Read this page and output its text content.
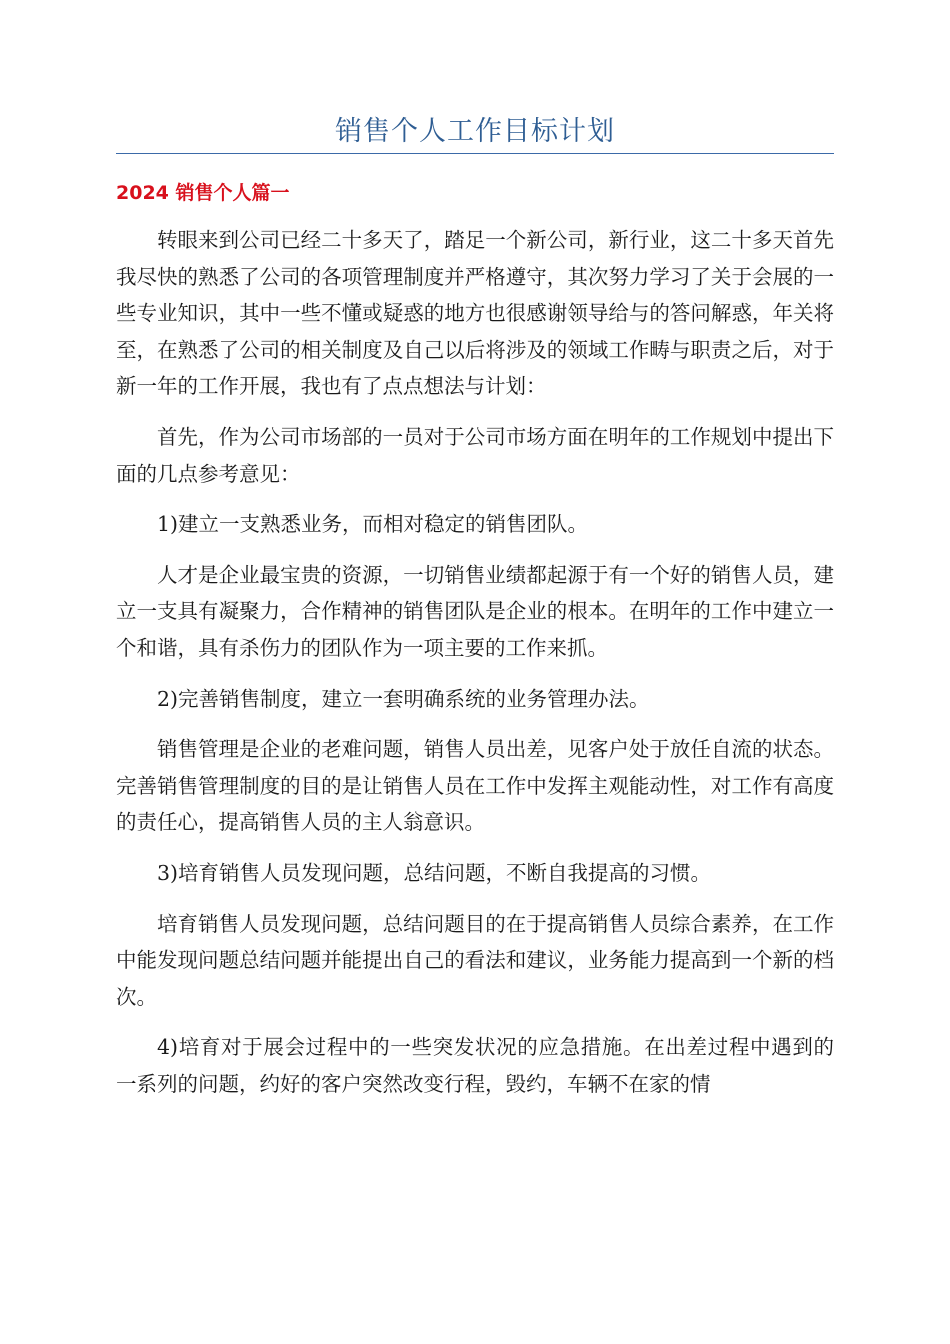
销售个人工作目标计划
2024 销售个人篇一

转眼来到公司已经二十多天了，踏足一个新公司，新行业，这二十多天首先我尽快的熟悉了公司的各项管理制度并严格遵守，其次努力学习了关于会展的一些专业知识，其中一些不懂或疑惑的地方也很感谢领导给与的答问解惑，年关将至，在熟悉了公司的相关制度及自己以后将涉及的领域工作畴与职责之后，对于新一年的工作开展，我也有了点点想法与计划：

首先，作为公司市场部的一员对于公司市场方面在明年的工作规划中提出下面的几点参考意见：

1)建立一支熟悉业务，而相对稳定的销售团队。

人才是企业最宝贵的资源，一切销售业绩都起源于有一个好的销售人员，建立一支具有凝聚力，合作精神的销售团队是企业的根本。在明年的工作中建立一个和谐，具有杀伤力的团队作为一项主要的工作来抓。

2)完善销售制度，建立一套明确系统的业务管理办法。

销售管理是企业的老难问题，销售人员出差，见客户处于放任自流的状态。完善销售管理制度的目的是让销售人员在工作中发挥主观能动性，对工作有高度的责任心，提高销售人员的主人翁意识。

3)培育销售人员发现问题，总结问题，不断自我提高的习惯。

培育销售人员发现问题，总结问题目的在于提高销售人员综合素养，在工作中能发现问题总结问题并能提出自己的看法和建议，业务能力提高到一个新的档次。

4)培育对于展会过程中的一些突发状况的应急措施。在出差过程中遇到的一系列的问题，约好的客户突然改变行程，毁约，车辆不在家的情
